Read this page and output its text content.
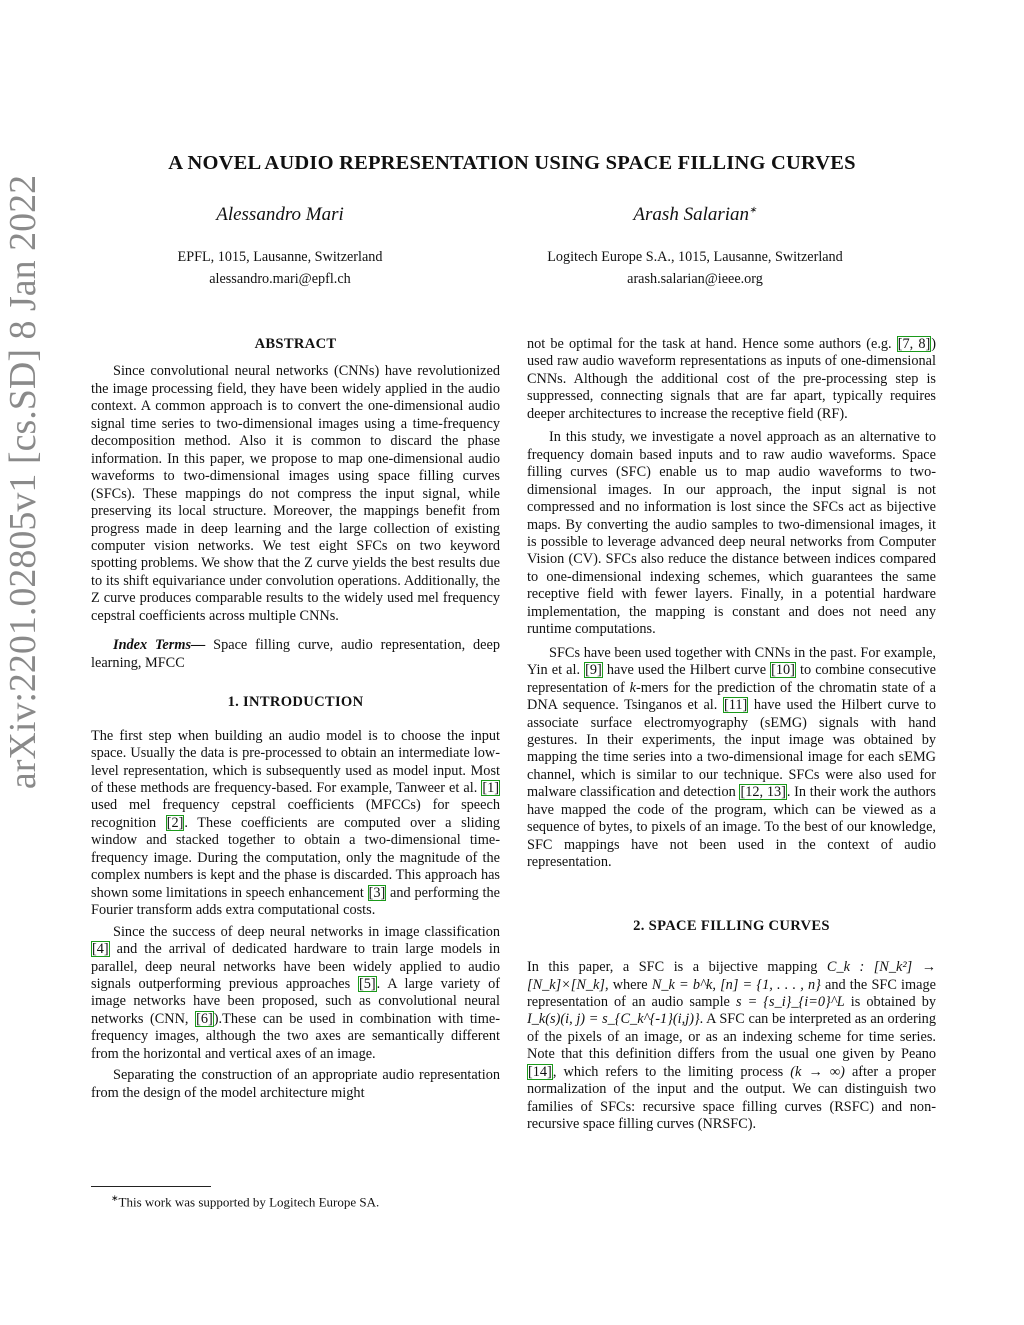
arXiv:2201.02805v1 [cs.SD] 8 Jan 2022
A NOVEL AUDIO REPRESENTATION USING SPACE FILLING CURVES
Alessandro Mari
EPFL, 1015, Lausanne, Switzerland
alessandro.mari@epfl.ch
Arash Salarian∗
Logitech Europe S.A., 1015, Lausanne, Switzerland
arash.salarian@ieee.org

ABSTRACT

Since convolutional neural networks (CNNs) have revolutionized the image processing field, they have been widely applied in the audio context. A common approach is to convert the one-dimensional audio signal time series to two-dimensional images using a time-frequency decomposition method. Also it is common to discard the phase information. In this paper, we propose to map one-dimensional audio waveforms to two-dimensional images using space filling curves (SFCs). These mappings do not compress the input signal, while preserving its local structure. Moreover, the mappings benefit from progress made in deep learning and the large collection of existing computer vision networks. We test eight SFCs on two keyword spotting problems. We show that the Z curve yields the best results due to its shift equivariance under convolution operations. Additionally, the Z curve produces comparable results to the widely used mel frequency cepstral coefficients across multiple CNNs.

Index Terms— Space filling curve, audio representation, deep learning, MFCC

1. INTRODUCTION

The first step when building an audio model is to choose the input space. Usually the data is pre-processed to obtain an intermediate low-level representation, which is subsequently used as model input. Most of these methods are frequency-based. For example, Tanweer et al. [1] used mel frequency cepstral coefficients (MFCCs) for speech recognition [2]. These coefficients are computed over a sliding window and stacked together to obtain a two-dimensional time-frequency image. During the computation, only the magnitude of the complex numbers is kept and the phase is discarded. This approach has shown some limitations in speech enhancement [3] and performing the Fourier transform adds extra computational costs.

Since the success of deep neural networks in image classification [4] and the arrival of dedicated hardware to train large models in parallel, deep neural networks have been widely applied to audio signals outperforming previous approaches [5]. A large variety of image networks have been proposed, such as convolutional neural networks (CNN, [6]).These can be used in combination with time-frequency images, although the two axes are semantically different from the horizontal and vertical axes of an image.

Separating the construction of an appropriate audio representation from the design of the model architecture might

not be optimal for the task at hand. Hence some authors (e.g. [7, 8]) used raw audio waveform representations as inputs of one-dimensional CNNs. Although the additional cost of the pre-processing step is suppressed, connecting signals that are far apart, typically requires deeper architectures to increase the receptive field (RF).

In this study, we investigate a novel approach as an alternative to frequency domain based inputs and to raw audio waveforms. Space filling curves (SFC) enable us to map audio waveforms to two-dimensional images. In our approach, the input signal is not compressed and no information is lost since the SFCs act as bijective maps. By converting the audio samples to two-dimensional images, it is possible to leverage advanced deep neural networks from Computer Vision (CV). SFCs also reduce the distance between indices compared to one-dimensional indexing schemes, which guarantees the same receptive field with fewer layers. Finally, in a potential hardware implementation, the mapping is constant and does not need any runtime computations.

SFCs have been used together with CNNs in the past. For example, Yin et al. [9] have used the Hilbert curve [10] to combine consecutive representation of k-mers for the prediction of the chromatin state of a DNA sequence. Tsinganos et al. [11] have used the Hilbert curve to associate surface electromyography (sEMG) signals with hand gestures. In their experiments, the input image was obtained by mapping the time series into a two-dimensional image for each sEMG channel, which is similar to our technique. SFCs were also used for malware classification and detection [12, 13]. In their work the authors have mapped the code of the program, which can be viewed as a sequence of bytes, to pixels of an image. To the best of our knowledge, SFC mappings have not been used in the context of audio representation.

2. SPACE FILLING CURVES

In this paper, a SFC is a bijective mapping C_k : [N_k²] → [N_k]×[N_k], where N_k = b^k, [n] = {1, . . . , n} and the SFC image representation of an audio sample s = {s_i}_{i=0}^L is obtained by I_k(s)(i, j) = s_{C_k^{-1}(i,j)}. A SFC can be interpreted as an ordering of the pixels of an image, or as an indexing scheme for time series. Note that this definition differs from the usual one given by Peano [14], which refers to the limiting process (k → ∞) after a proper normalization of the input and the output. We can distinguish two families of SFCs: recursive space filling curves (RSFC) and non-recursive space filling curves (NRSFC).

∗This work was supported by Logitech Europe SA.
